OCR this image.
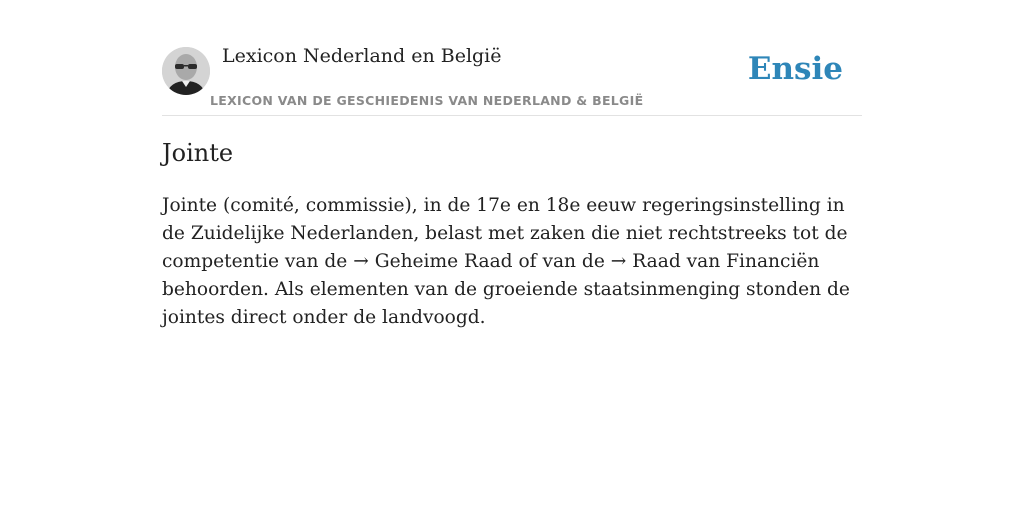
Lexicon Nederland en België
LEXICON VAN DE GESCHIEDENIS VAN NEDERLAND & BELGIË
Ensie
Jointe

Jointe (comité, commissie), in de 17e en 18e eeuw regeringsinstelling in de Zuidelijke Nederlanden, belast met zaken die niet rechtstreeks tot de competentie van de → Geheime Raad of van de → Raad van Financiën behoorden. Als elementen van de groeiende staatsinmenging stonden de jointes direct onder de landvoogd.
